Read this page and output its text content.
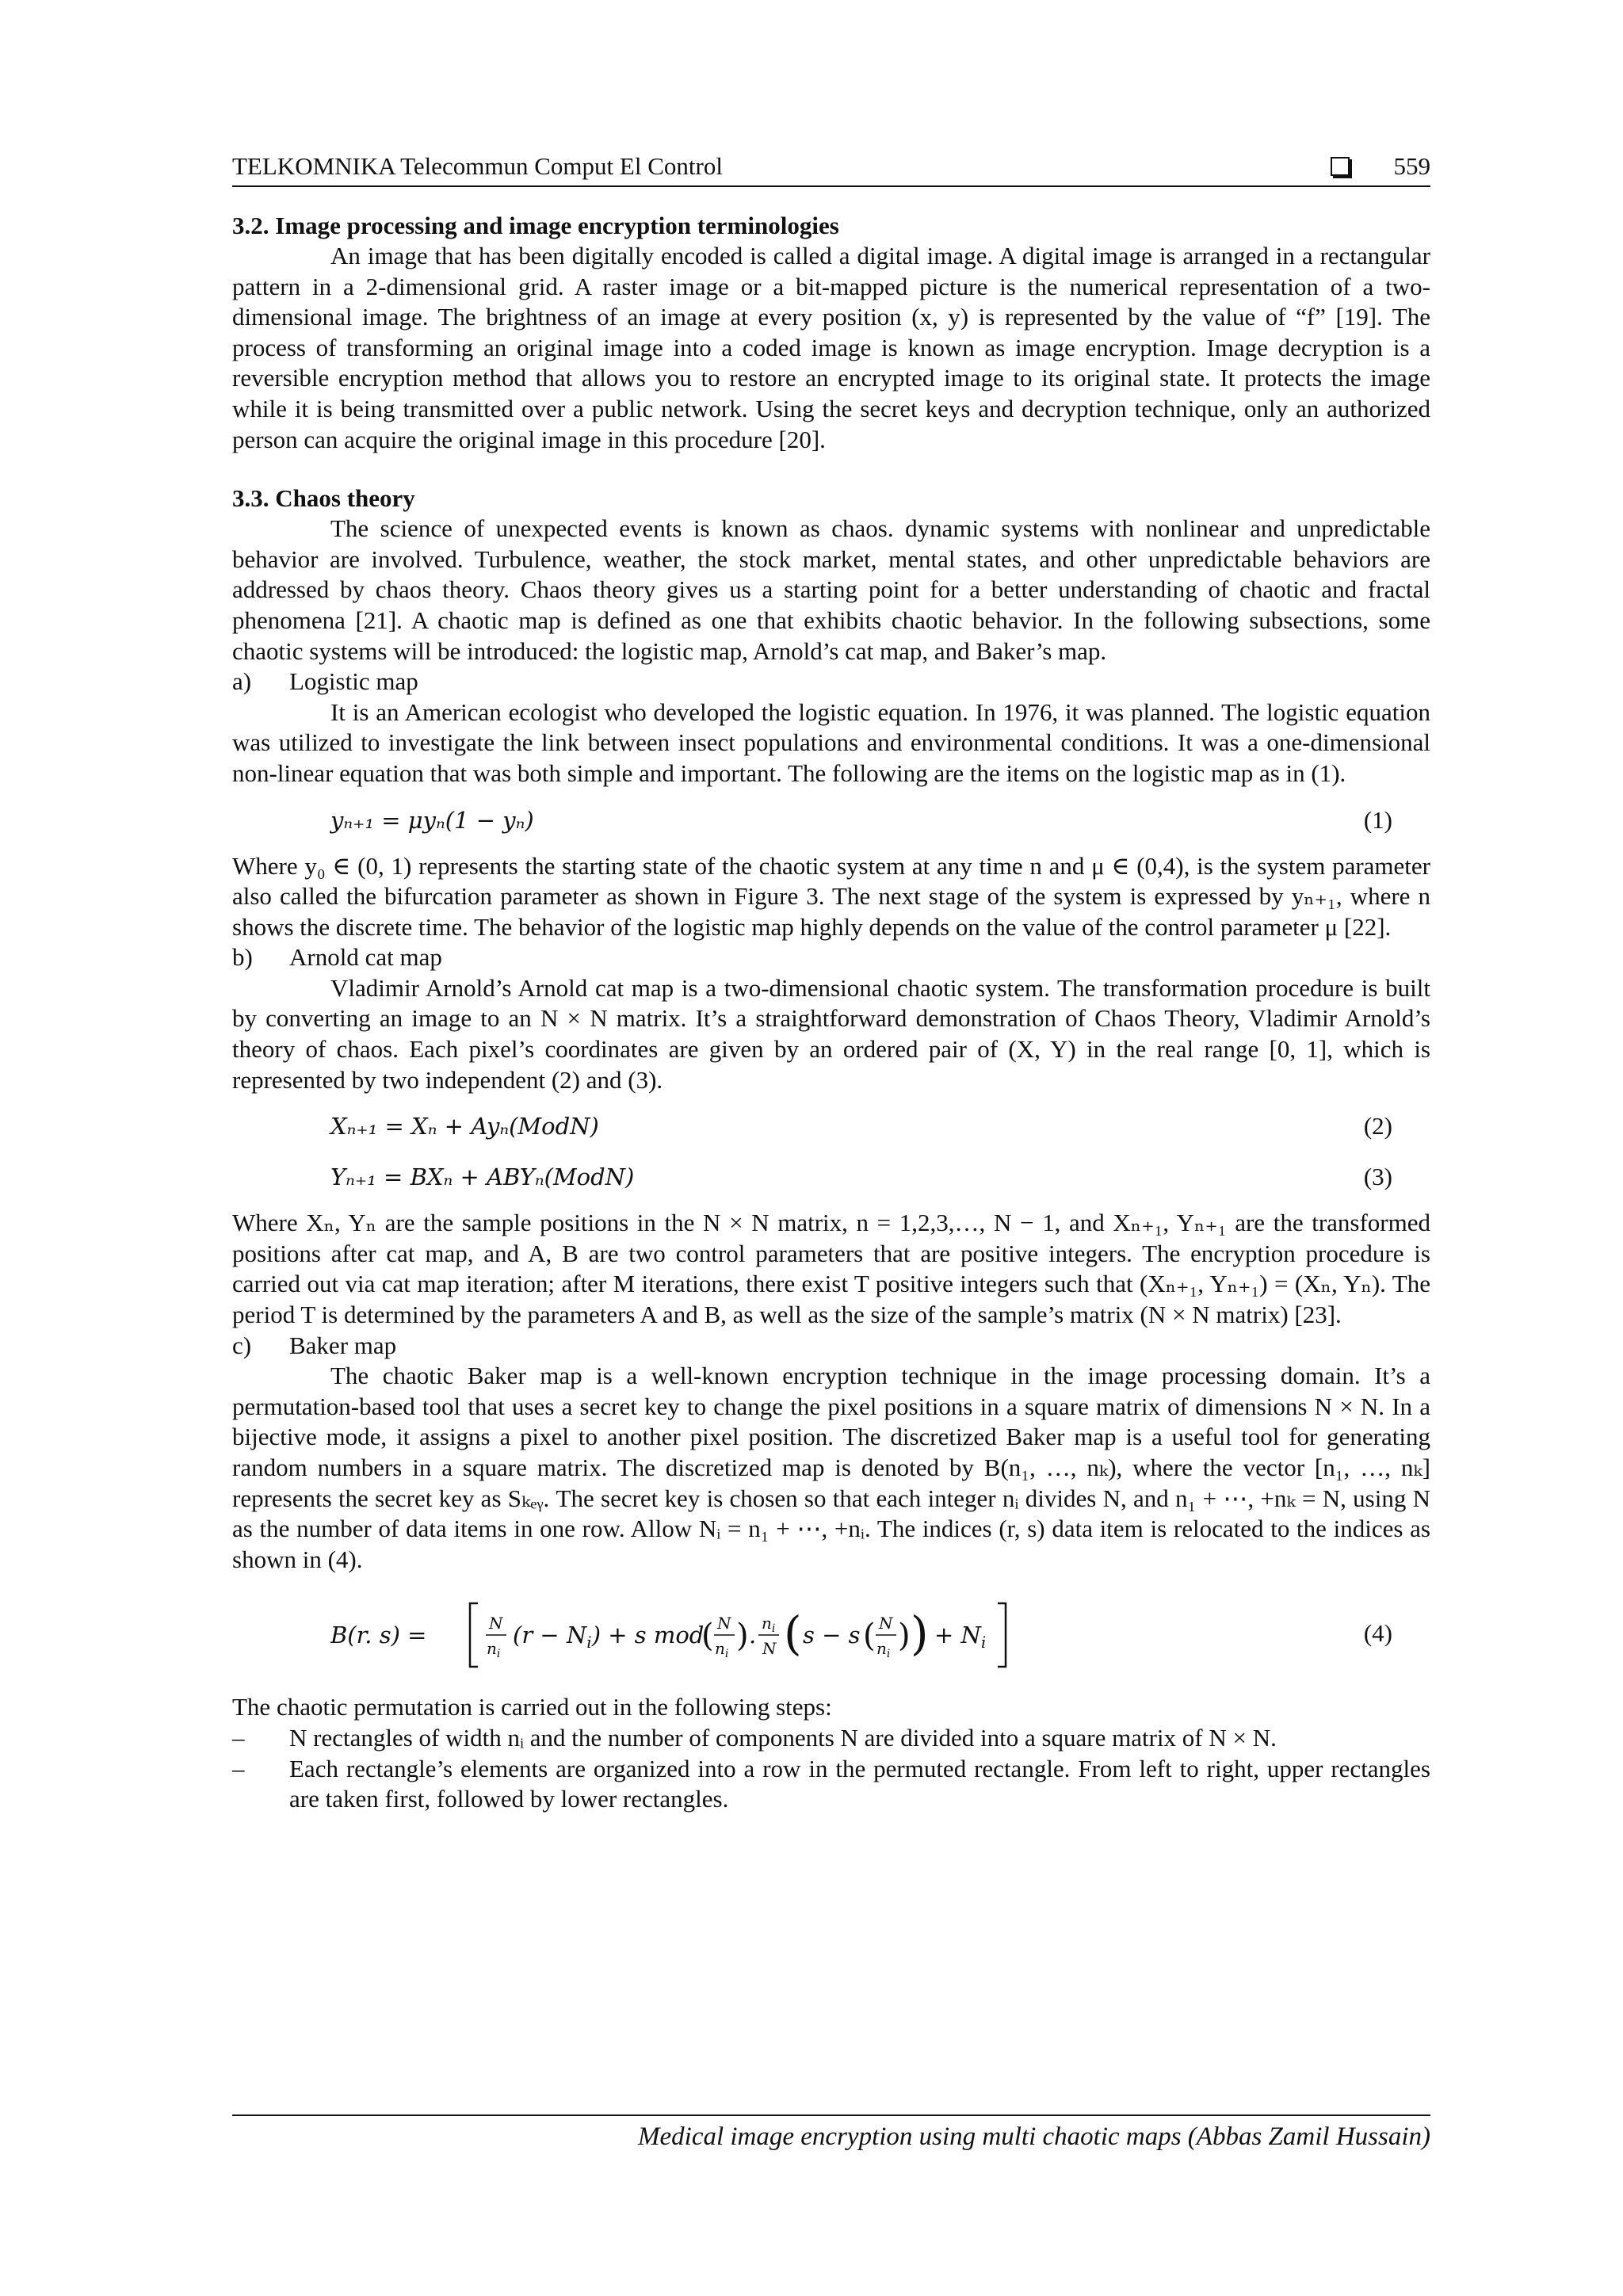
TELKOMNIKA Telecommun Comput El Control	559
3.2. Image processing and image encryption terminologies

An image that has been digitally encoded is called a digital image. A digital image is arranged in a rectangular pattern in a 2-dimensional grid. A raster image or a bit-mapped picture is the numerical representation of a two-dimensional image. The brightness of an image at every position (x, y) is represented by the value of “f” [19]. The process of transforming an original image into a coded image is known as image encryption. Image decryption is a reversible encryption method that allows you to restore an encrypted image to its original state. It protects the image while it is being transmitted over a public network. Using the secret keys and decryption technique, only an authorized person can acquire the original image in this procedure [20].

3.3. Chaos theory

The science of unexpected events is known as chaos. dynamic systems with nonlinear and unpredictable behavior are involved. Turbulence, weather, the stock market, mental states, and other unpredictable behaviors are addressed by chaos theory. Chaos theory gives us a starting point for a better understanding of chaotic and fractal phenomena [21]. A chaotic map is defined as one that exhibits chaotic behavior. In the following subsections, some chaotic systems will be introduced: the logistic map, Arnold’s cat map, and Baker’s map.

a)	Logistic map

It is an American ecologist who developed the logistic equation. In 1976, it was planned. The logistic equation was utilized to investigate the link between insect populations and environmental conditions. It was a one-dimensional non-linear equation that was both simple and important. The following are the items on the logistic map as in (1).

yₙ₊₁ = μyₙ(1 − yₙ)	(1)

Where y₀ ∈ (0, 1) represents the starting state of the chaotic system at any time n and μ ∈ (0,4), is the system parameter also called the bifurcation parameter as shown in Figure 3. The next stage of the system is expressed by yₙ₊₁, where n shows the discrete time. The behavior of the logistic map highly depends on the value of the control parameter μ [22].

b)	Arnold cat map

Vladimir Arnold’s Arnold cat map is a two-dimensional chaotic system. The transformation procedure is built by converting an image to an N × N matrix. It’s a straightforward demonstration of Chaos Theory, Vladimir Arnold’s theory of chaos. Each pixel’s coordinates are given by an ordered pair of (X, Y) in the real range [0, 1], which is represented by two independent (2) and (3).

Xₙ₊₁ = Xₙ + Ayₙ(ModN)	(2)
Yₙ₊₁ = BXₙ + ABYₙ(ModN)	(3)

Where Xₙ, Yₙ are the sample positions in the N × N matrix, n = 1,2,3,…, N − 1, and Xₙ₊₁, Yₙ₊₁ are the transformed positions after cat map, and A, B are two control parameters that are positive integers. The encryption procedure is carried out via cat map iteration; after M iterations, there exist T positive integers such that (Xₙ₊₁, Yₙ₊₁) = (Xₙ, Yₙ). The period T is determined by the parameters A and B, as well as the size of the sample’s matrix (N × N matrix) [23].

c)	Baker map

The chaotic Baker map is a well-known encryption technique in the image processing domain. It’s a permutation-based tool that uses a secret key to change the pixel positions in a square matrix of dimensions N × N. In a bijective mode, it assigns a pixel to another pixel position. The discretized Baker map is a useful tool for generating random numbers in a square matrix. The discretized map is denoted by B(n₁, …, nₖ), where the vector [n₁, …, nₖ] represents the secret key as Sₖₑᵧ. The secret key is chosen so that each integer nᵢ divides N, and n₁ + ⋯, +nₖ = N, using N as the number of data items in one row. Allow Nᵢ = n₁ + ⋯, +nᵢ. The indices (r, s) data item is relocated to the indices as shown in (4).

B(r. s) =	N
$n_i$
$(r - N_i) + s$ mod
( N
$n_i$ ) . $n_i$
N ( s − s ( N
$n_i$ ) ) + $N_i$	(4)

The chaotic permutation is carried out in the following steps:

–	N rectangles of width nᵢ and the number of components N are divided into a square matrix of N × N.
–	Each rectangle’s elements are organized into a row in the permuted rectangle. From left to right, upper rectangles are taken first, followed by lower rectangles.
Medical image encryption using multi chaotic maps (Abbas Zamil Hussain)
